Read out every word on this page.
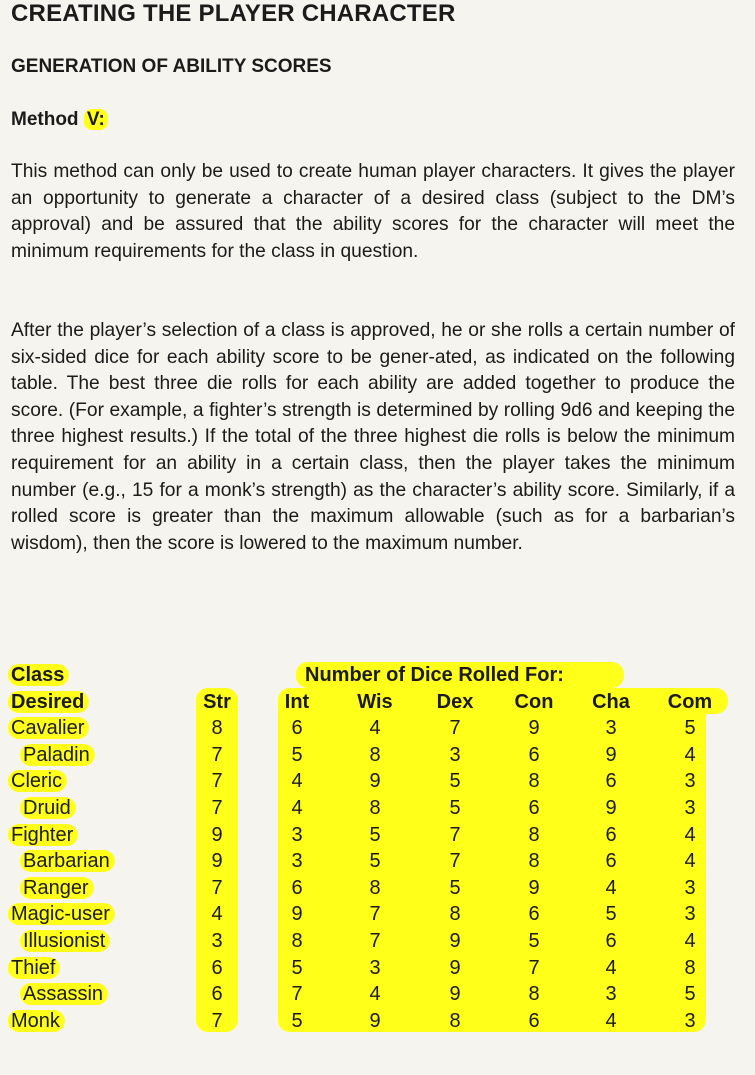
CREATING THE PLAYER CHARACTER
GENERATION OF ABILITY SCORES

Method V:

This method can only be used to create human player characters. It gives the player an opportunity to generate a character of a desired class (subject to the DM’s approval) and be assured that the ability scores for the character will meet the minimum requirements for the class in question.

After the player’s selection of a class is approved, he or she rolls a certain number of six-sided dice for each ability score to be gener-ated, as indicated on the following table. The best three die rolls for each ability are added together to produce the score. (For example, a fighter’s strength is determined by rolling 9d6 and keeping the three highest results.) If the total of the three highest die rolls is below the minimum requirement for an ability in a certain class, then the player takes the minimum number (e.g., 15 for a monk’s strength) as the character’s ability score. Similarly, if a rolled score is greater than the maximum allowable (such as for a barbarian’s wisdom), then the score is lowered to the maximum number.

Class	Number of Dice Rolled For:
Desired	Str	Int	Wis	Dex	Con	Cha	Com
Cavalier	8	6	4	7	9	3	5
Paladin	7	5	8	3	6	9	4
Cleric	7	4	9	5	8	6	3
Druid	7	4	8	5	6	9	3
Fighter	9	3	5	7	8	6	4
Barbarian	9	3	5	7	8	6	4
Ranger	7	6	8	5	9	4	3
Magic-user	4	9	7	8	6	5	3
Illusionist	3	8	7	9	5	6	4
Thief	6	5	3	9	7	4	8
Assassin	6	7	4	9	8	3	5
Monk	7	5	9	8	6	4	3
